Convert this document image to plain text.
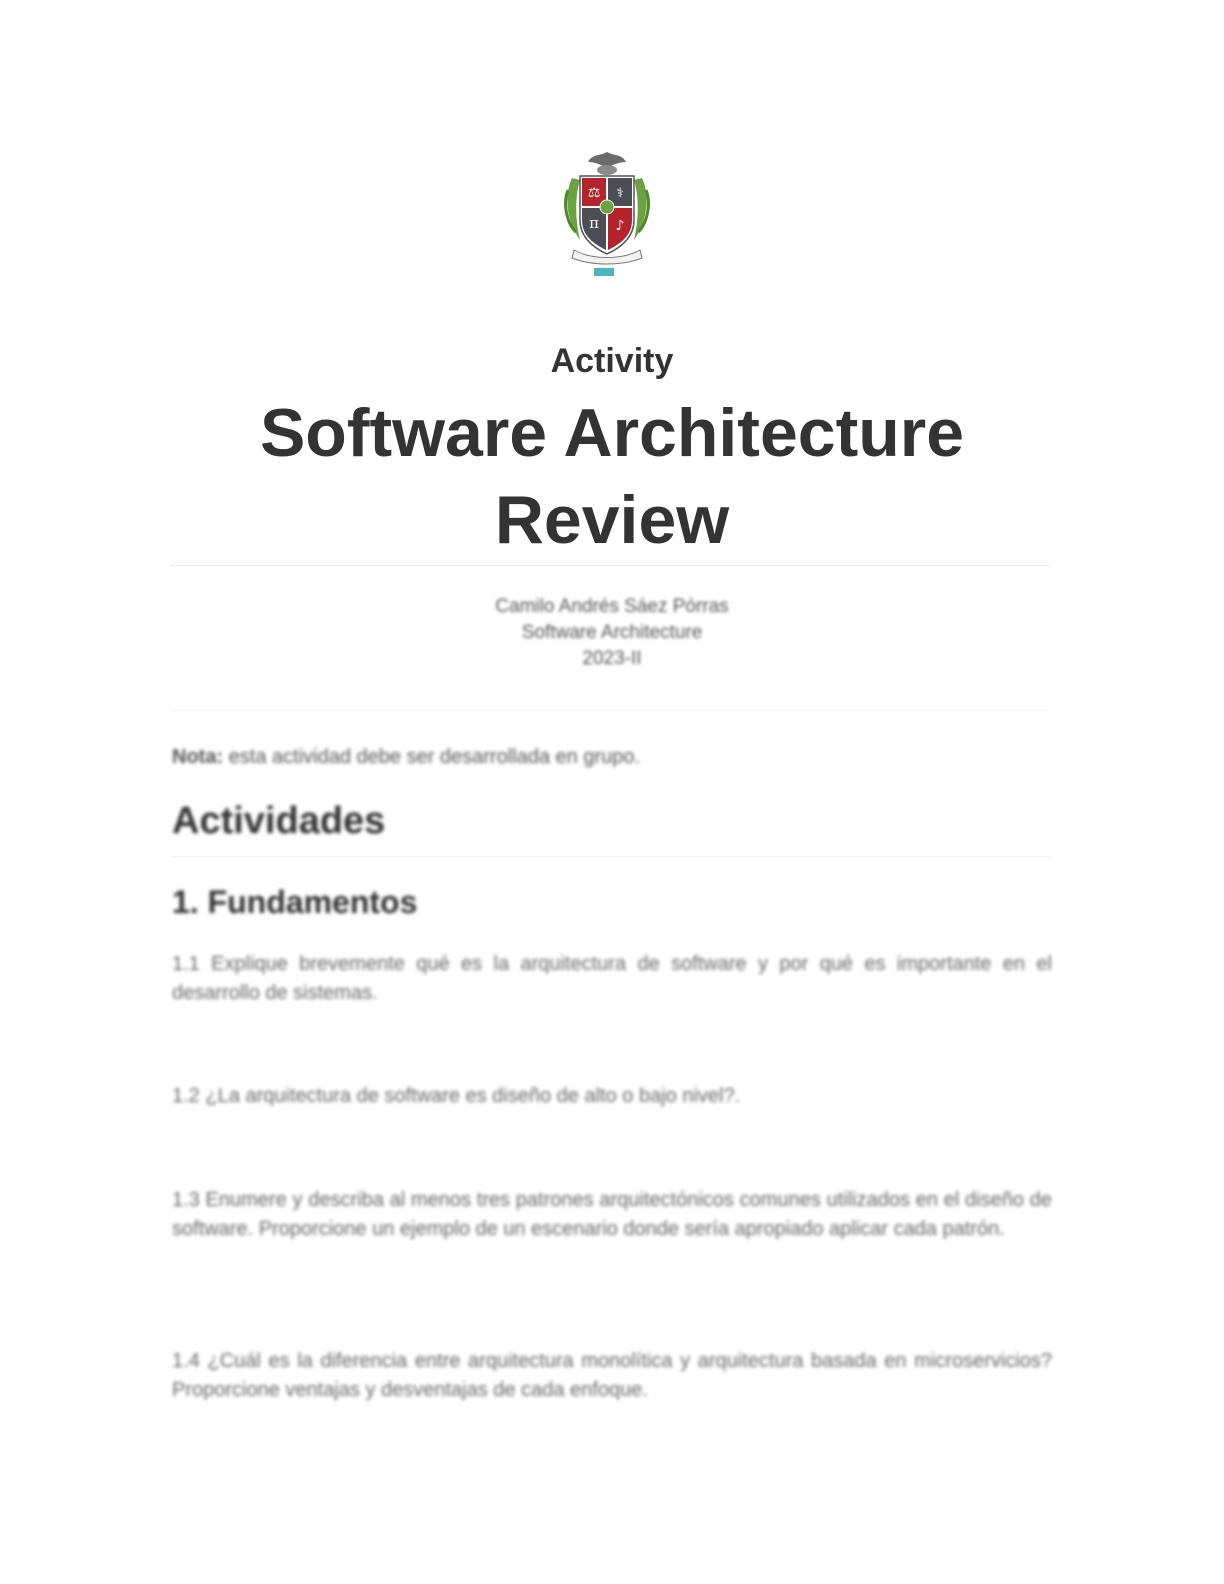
⚖ ⚕
π ♪
Activity
Software Architecture Review
Camilo Andrés Sáez Pórras
Software Architecture
2023-II
Nota: esta actividad debe ser desarrollada en grupo.
Actividades
1. Fundamentos
1.1 Explique brevemente qué es la arquitectura de software y por qué es importante en el desarrollo de sistemas.
1.2 ¿La arquitectura de software es diseño de alto o bajo nivel?.
1.3 Enumere y describa al menos tres patrones arquitectónicos comunes utilizados en el diseño de software. Proporcione un ejemplo de un escenario donde sería apropiado aplicar cada patrón.
1.4 ¿Cuál es la diferencia entre arquitectura monolítica y arquitectura basada en microservicios? Proporcione ventajas y desventajas de cada enfoque.
